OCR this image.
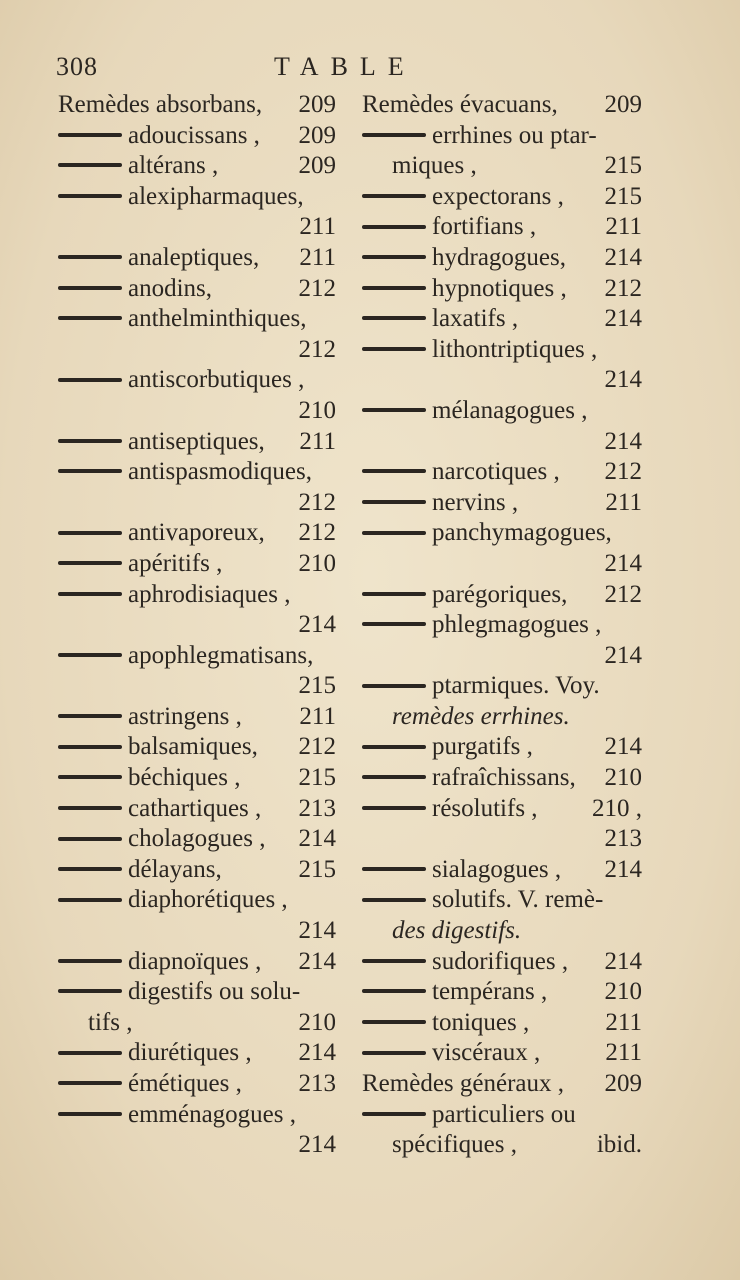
308	TABLE
Remèdes absorbans, 209
adoucissans , 209
altérans ,	209
alexipharmaques,
211
analeptiques, 211
anodins,	212
anthelminthiques,
212
antiscorbutiques ,
210
antiseptiques, 211
antispasmodiques,
212
antivaporeux, 212
apéritifs ,	210
aphrodisiaques ,
214
apophlegmatisans,
215
astringens , 211
balsamiques, 212
béchiques , 215
cathartiques , 213
cholagogues , 214
délayans,	215
diaphorétiques ,
214
diapnoïques , 214
digestifs ou solu-
tifs ,	210
diurétiques , 214
émétiques , 213
emménagogues ,
214
Remèdes évacuans, 209
errhines ou ptar-
miques ,	215
expectorans , 215
fortifians ,	211
hydragogues, 214
hypnotiques , 212
laxatifs ,	214
lithontriptiques ,
214
mélanagogues ,
214
narcotiques , 212
nervins ,	211
panchymagogues,
214
parégoriques, 212
phlegmagogues ,
214
ptarmiques. Voy.
remèdes errhines.
purgatifs ,	214
rafraîchissans, 210
résolutifs , 210 ,
213
sialagogues , 214
solutifs. V. remè-
des digestifs.
sudorifiques , 214
tempérans , 210
toniques ,	211
viscéraux ,	211
Remèdes généraux , 209
particuliers ou
spécifiques ,	ibid.
